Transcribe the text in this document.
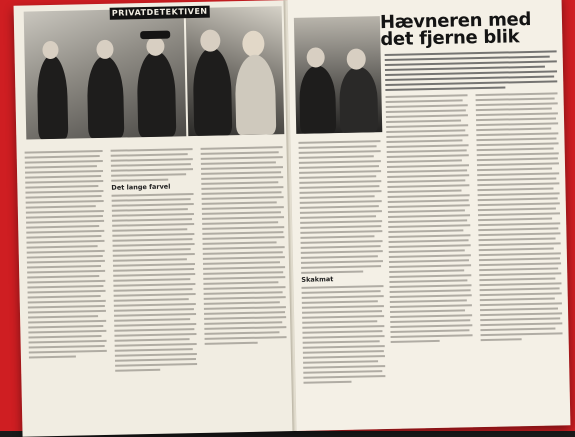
PRIVATDETEKTIVEN
Det lange farvel
Hævneren med
det fjerne blik
Skakmat
